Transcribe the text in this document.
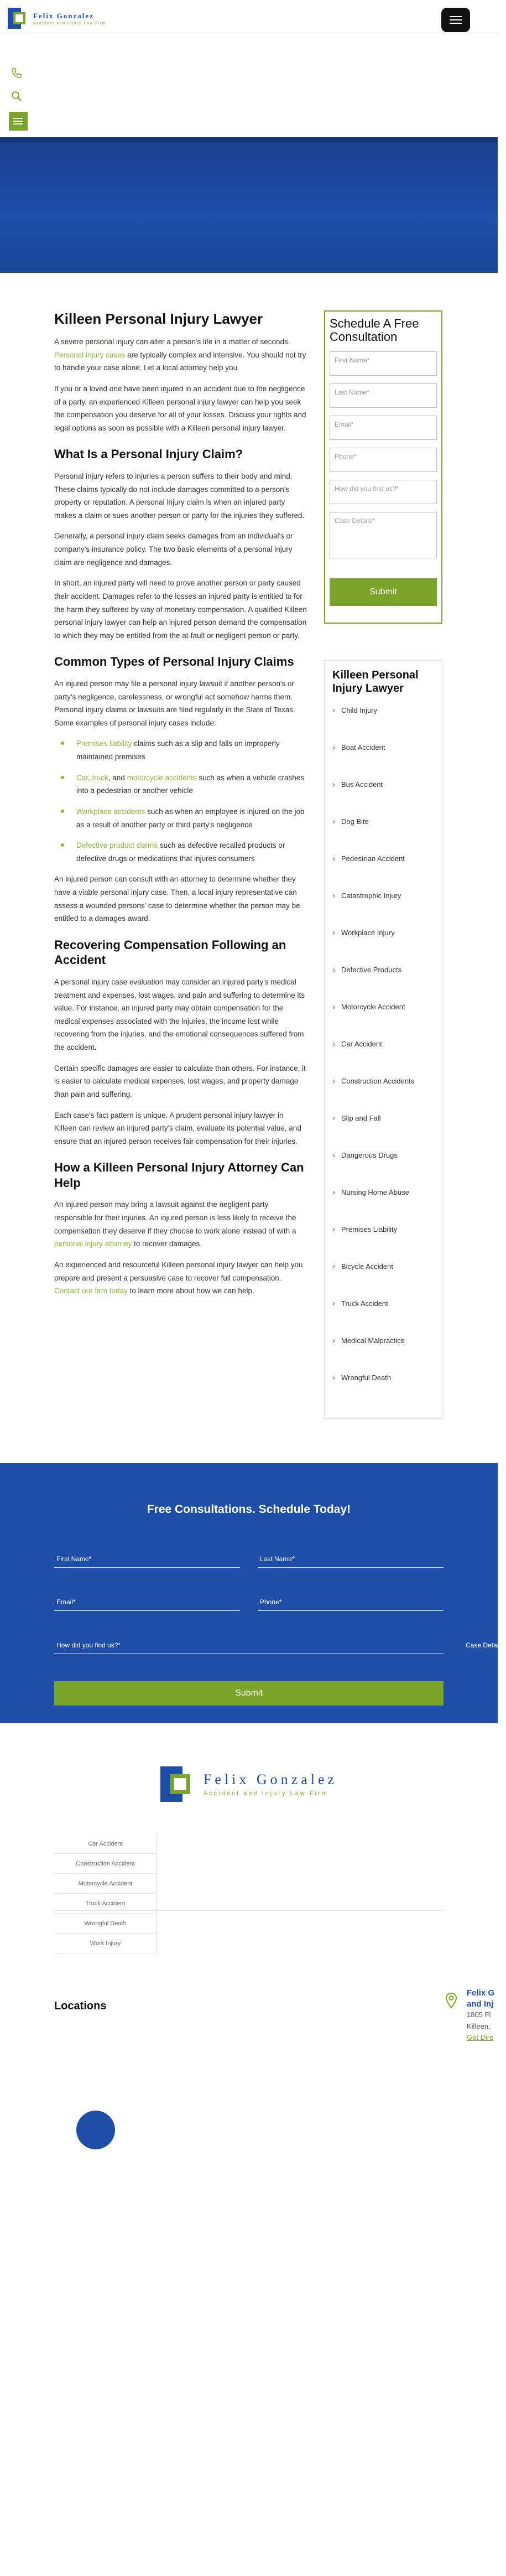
Felix Gonzalez
Accident and Injury Law Firm
Killeen Personal Injury Lawyer

A severe personal injury can alter a person's life in a matter of seconds. Personal injury cases are typically complex and intensive. You should not try to handle your case alone. Let a local attorney help you.

If you or a loved one have been injured in an accident due to the negligence of a party, an experienced Killeen personal injury lawyer can help you seek the compensation you deserve for all of your losses. Discuss your rights and legal options as soon as possible with a Killeen personal injury lawyer.

What Is a Personal Injury Claim?

Personal injury refers to injuries a person suffers to their body and mind. These claims typically do not include damages committed to a person's property or reputation. A personal injury claim is when an injured party makes a claim or sues another person or party for the injuries they suffered.

Generally, a personal injury claim seeks damages from an individual's or company's insurance policy. The two basic elements of a personal injury claim are negligence and damages.

In short, an injured party will need to prove another person or party caused their accident. Damages refer to the losses an injured party is entitled to for the harm they suffered by way of monetary compensation. A qualified Killeen personal injury lawyer can help an injured person demand the compensation to which they may be entitled from the at-fault or negligent person or party.

Common Types of Personal Injury Claims

An injured person may file a personal injury lawsuit if another person's or party's negligence, carelessness, or wrongful act somehow harms them. Personal injury claims or lawsuits are filed regularly in the State of Texas. Some examples of personal injury cases include:

Premises liability claims such as a slip and falls on improperly maintained premises
Car, truck, and motorcycle accidents such as when a vehicle crashes into a pedestrian or another vehicle
Workplace accidents such as when an employee is injured on the job as a result of another party or third party's negligence
Defective product claims such as defective recalled products or defective drugs or medications that injures consumers

An injured person can consult with an attorney to determine whether they have a viable personal injury case. Then, a local injury representative can assess a wounded persons' case to determine whether the person may be entitled to a damages award.

Recovering Compensation Following an Accident

A personal injury case evaluation may consider an injured party's medical treatment and expenses, lost wages, and pain and suffering to determine its value. For instance, an injured party may obtain compensation for the medical expenses associated with the injuries, the income lost while recovering from the injuries, and the emotional consequences suffered from the accident.

Certain specific damages are easier to calculate than others. For instance, it is easier to calculate medical expenses, lost wages, and property damage than pain and suffering.

Each case's fact pattern is unique. A prudent personal injury lawyer in Killeen can review an injured party's claim, evaluate its potential value, and ensure that an injured person receives fair compensation for their injuries.

How a Killeen Personal Injury Attorney Can Help

An injured person may bring a lawsuit against the negligent party responsible for their injuries. An injured person is less likely to receive the compensation they deserve if they choose to work alone instead of with a personal injury attorney to recover damages.

An experienced and resourceful Killeen personal injury lawyer can help you prepare and present a persuasive case to recover full compensation. Contact our firm today to learn more about how we can help.

Schedule A Free Consultation
First Name*
Last Name*
Email*
Phone*
How did you find us?*
Case Details*
Submit
Killeen Personal Injury Lawyer
› Child Injury
› Boat Accident
› Bus Accident
› Dog Bite
› Pedestrian Accident
› Catastrophic Injury
› Workplace Injury
› Defective Products
› Motorcycle Accident
› Car Accident
› Construction Accidents
› Slip and Fall
› Dangerous Drugs
› Nursing Home Abuse
› Premises Liability
› Bicycle Accident
› Truck Accident
› Medical Malpractice
› Wrongful Death
Free Consultations. Schedule Today!
First Name*	Last Name*
Email*	Phone*
How did you find us?*	Case Details*
Submit
Felix Gonzalez
Accident and Injury Law Firm
Car Accident
Construction Accident
Motorcycle Accident
Truck Accident
Wrongful Death
Work Injury
Locations
Felix G
and Inj
1805 Fl
Killeen,
Get Dire
